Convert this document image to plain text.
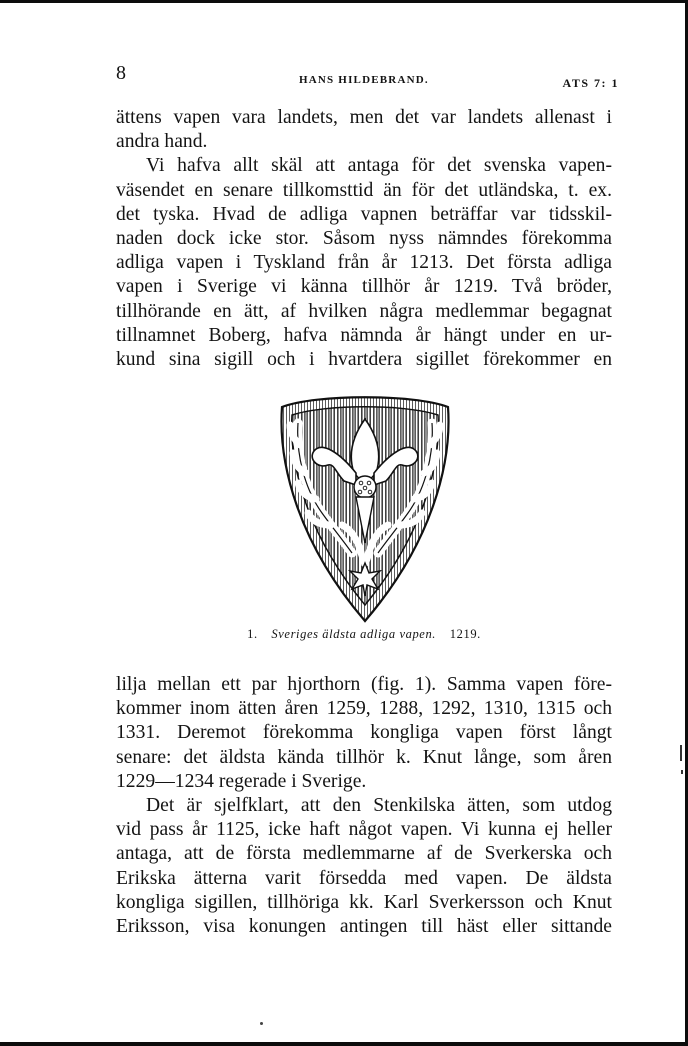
8	HANS HILDEBRAND.	ATS 7: 1

ättens vapen vara landets, men det var landets allenast i

andra hand.

Vi hafva allt skäl att antaga för det svenska vapen-

väsendet en senare tillkomsttid än för det utländska, t. ex.

det tyska. Hvad de adliga vapnen beträffar var tidsskil-

naden dock icke stor. Såsom nyss nämndes förekomma

adliga vapen i Tyskland från år 1213. Det första adliga

vapen i Sverige vi känna tillhör år 1219. Två bröder,

tillhörande en ätt, af hvilken några medlemmar begagnat

tillnamnet Boberg, hafva nämnda år hängt under en ur-

kund sina sigill och i hvartdera sigillet förekommer en

1. Sveriges äldsta adliga vapen. 1219.

lilja mellan ett par hjorthorn (fig. 1). Samma vapen före-

kommer inom ätten åren 1259, 1288, 1292, 1310, 1315 och

1331. Deremot förekomma kongliga vapen först långt

senare: det äldsta kända tillhör k. Knut långe, som åren

1229—1234 regerade i Sverige.

Det är sjelfklart, att den Stenkilska ätten, som utdog

vid pass år 1125, icke haft något vapen. Vi kunna ej heller

antaga, att de första medlemmarne af de Sverkerska och

Erikska ätterna varit försedda med vapen. De äldsta

kongliga sigillen, tillhöriga kk. Karl Sverkersson och Knut

Eriksson, visa konungen antingen till häst eller sittande
